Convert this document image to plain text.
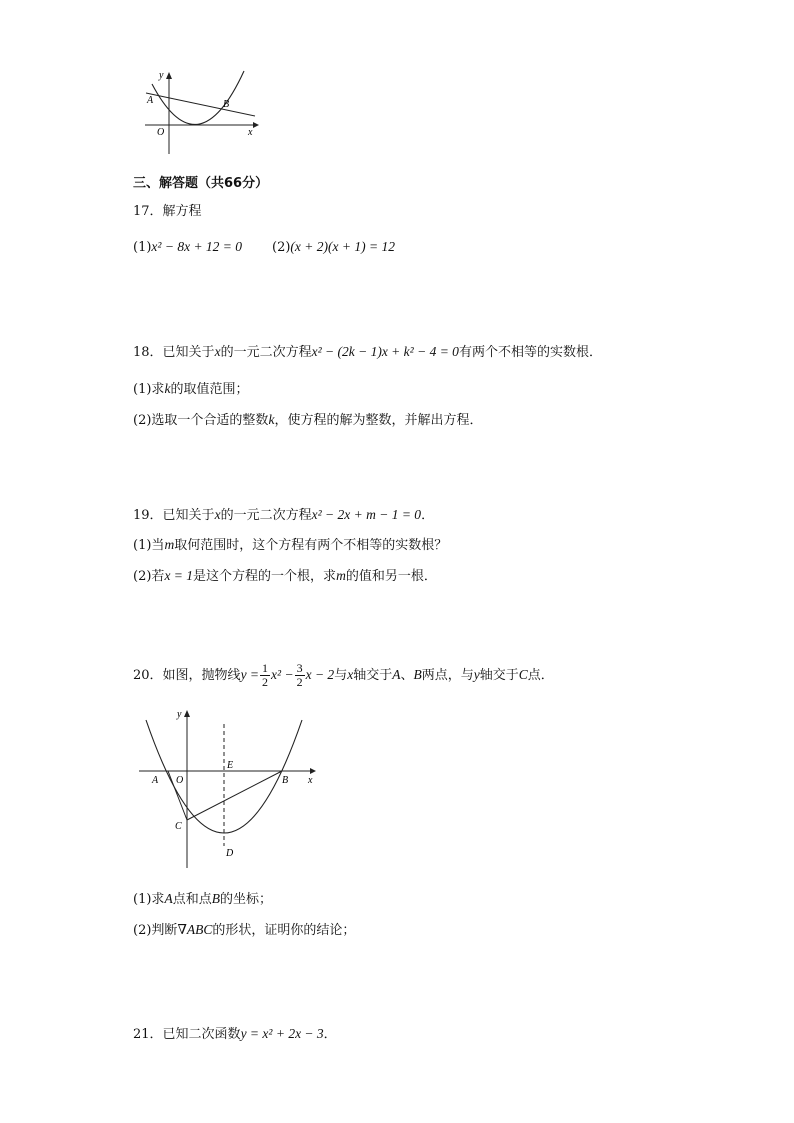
y
A	B
O	x
三、解答题（共66分）
17．解方程
(1)x² − 8x + 12 = 0 (2)(x + 2)(x + 1) = 12
18．已知关于x的一元二次方程x² − (2k − 1)x + k² − 4 = 0有两个不相等的实数根．
(1)求k的取值范围；
(2)选取一个合适的整数k，使方程的解为整数，并解出方程．
19．已知关于x的一元二次方程x² − 2x + m − 1 = 0．
(1)当m取何范围时，这个方程有两个不相等的实数根？
(2)若x = 1是这个方程的一个根，求m的值和另一根．
20．如图，抛物线$y = \frac{1}{2} x^2 - \frac{3}{2}$ x − 2与x轴交于A、B两点，与y轴交于C点．
y
A O
E
B x
C
D
(1)求A点和点B的坐标；
(2)判断∇ABC的形状，证明你的结论；
21．已知二次函数y = x² + 2x − 3．
